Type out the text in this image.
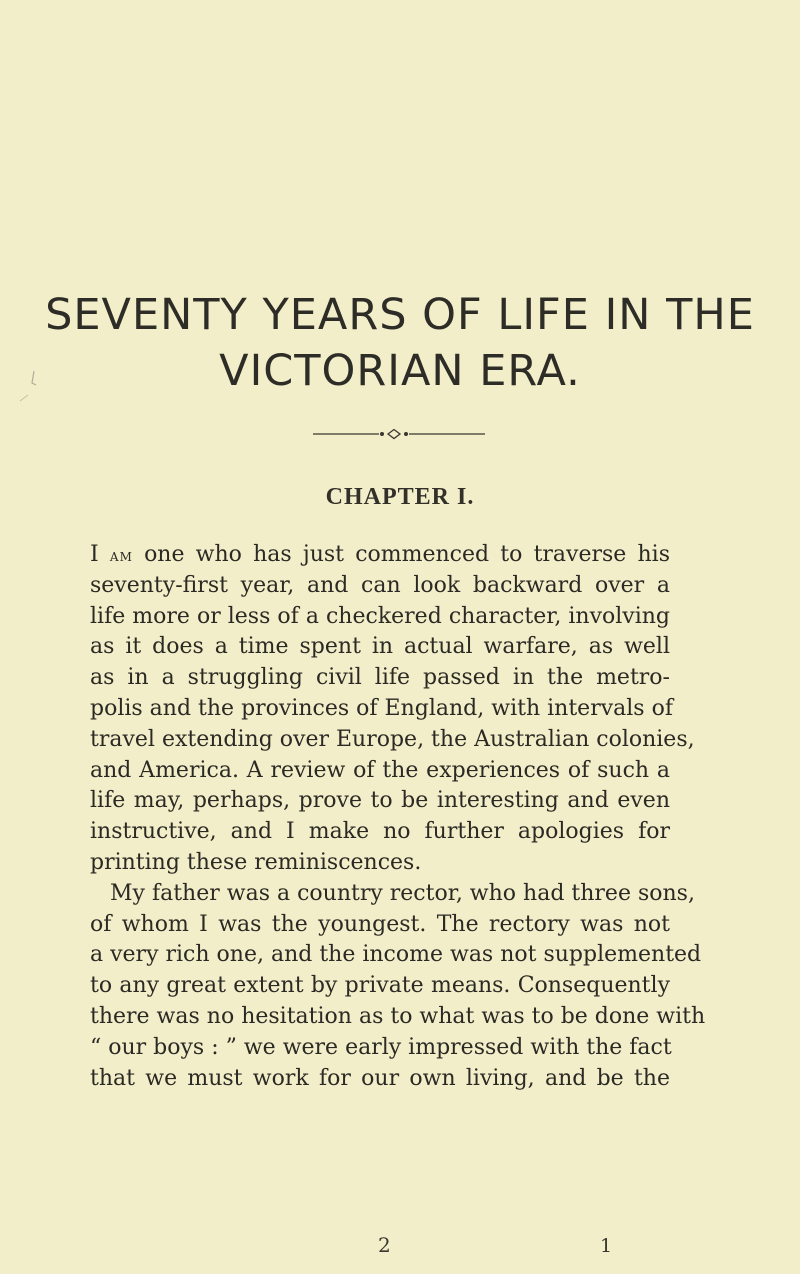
SEVENTY YEARS OF LIFE IN THE
VICTORIAN ERA.
CHAPTER I.
I am one who has just commenced to traverse his
seventy-first year, and can look backward over a
life more or less of a checkered character, involving
as it does a time spent in actual warfare, as well
as in a struggling civil life passed in the metro-
polis and the provinces of England, with intervals of
travel extending over Europe, the Australian colonies,
and America. A review of the experiences of such a
life may, perhaps, prove to be interesting and even
instructive, and I make no further apologies for
printing these reminiscences.
My father was a country rector, who had three sons,
of whom I was the youngest. The rectory was not
a very rich one, and the income was not supplemented
to any great extent by private means. Consequently
there was no hesitation as to what was to be done with
“ our boys : ” we were early impressed with the fact
that we must work for our own living, and be the
2	1
